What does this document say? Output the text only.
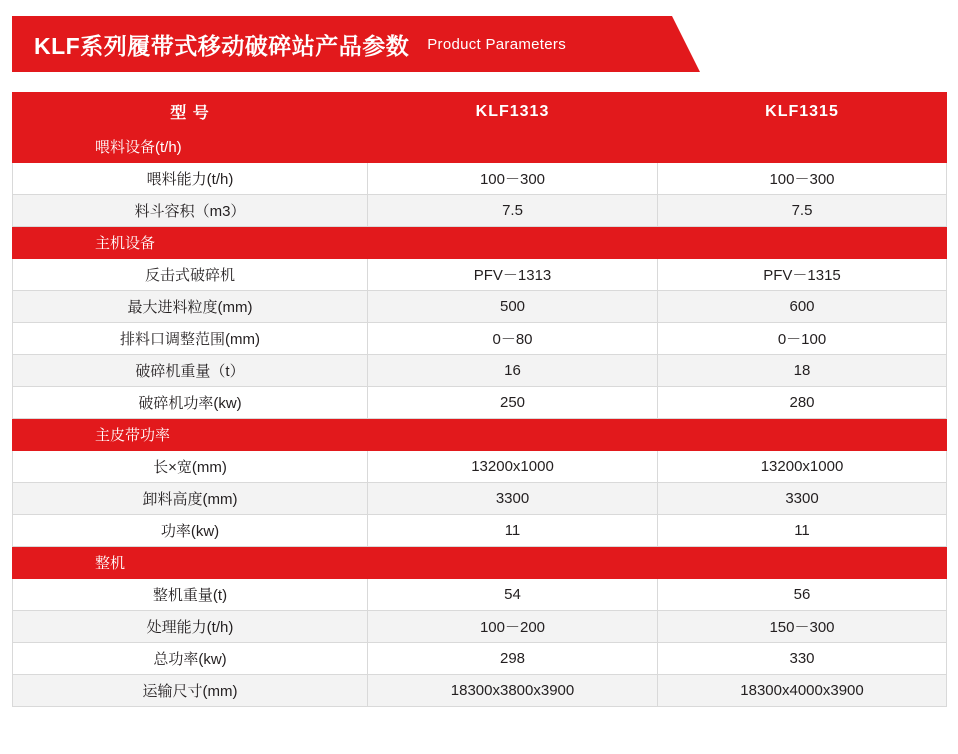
KLF系列履带式移动破碎站产品参数 Product Parameters
型 号	KLF1313	KLF1315
喂料设备(t/h)		
喂料能力(t/h)	100－300	100－300
料斗容积（m3）	7.5	7.5
主机设备		
反击式破碎机	PFV－1313	PFV－1315
最大进料粒度(mm)	500	600
排料口调整范围(mm)	0－80	0－100
破碎机重量（t）	16	18
破碎机功率(kw)	250	280
主皮带功率		
长×宽(mm)	13200x1000	13200x1000
卸料高度(mm)	3300	3300
功率(kw)	11	11
整机		
整机重量(t)	54	56
处理能力(t/h)	100－200	150－300
总功率(kw)	298	330
运输尺寸(mm)	18300x3800x3900	18300x4000x3900
